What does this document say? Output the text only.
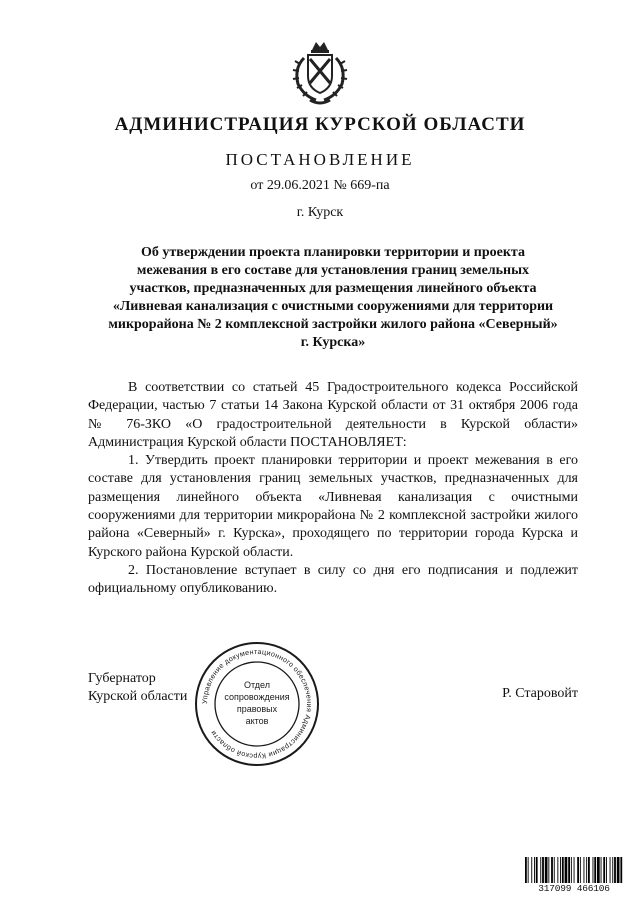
АДМИНИСТРАЦИЯ КУРСКОЙ ОБЛАСТИ
ПОСТАНОВЛЕНИЕ
от 29.06.2021 № 669-па
г. Курск
Об утверждении проекта планировки территории и проекта
межевания в его составе для установления границ земельных
участков, предназначенных для размещения линейного объекта
«Ливневая канализация с очистными сооружениями для территории
микрорайона № 2 комплексной застройки жилого района «Северный»
г. Курска»

В соответствии со статьей 45 Градостроительного кодекса Российской Федерации, частью 7 статьи 14 Закона Курской области от 31 октября 2006 года № 76-ЗКО «О градостроительной деятельности в Курской области» Администрация Курской области ПОСТАНОВЛЯЕТ:

1. Утвердить проект планировки территории и проект межевания в его составе для установления границ земельных участков, предназначенных для размещения линейного объекта «Ливневая канализация с очистными сооружениями для территории микрорайона № 2 комплексной застройки жилого района «Северный» г. Курска», проходящего по территории города Курска и Курского района Курской области.

2. Постановление вступает в силу со дня его подписания и подлежит официальному опубликованию.

Губернатор
Курской области Управление документационного обеспечения Администрации Курской области
Отдел
сопровождения
правовых
актов
Р. Старовойт
317099 466106
